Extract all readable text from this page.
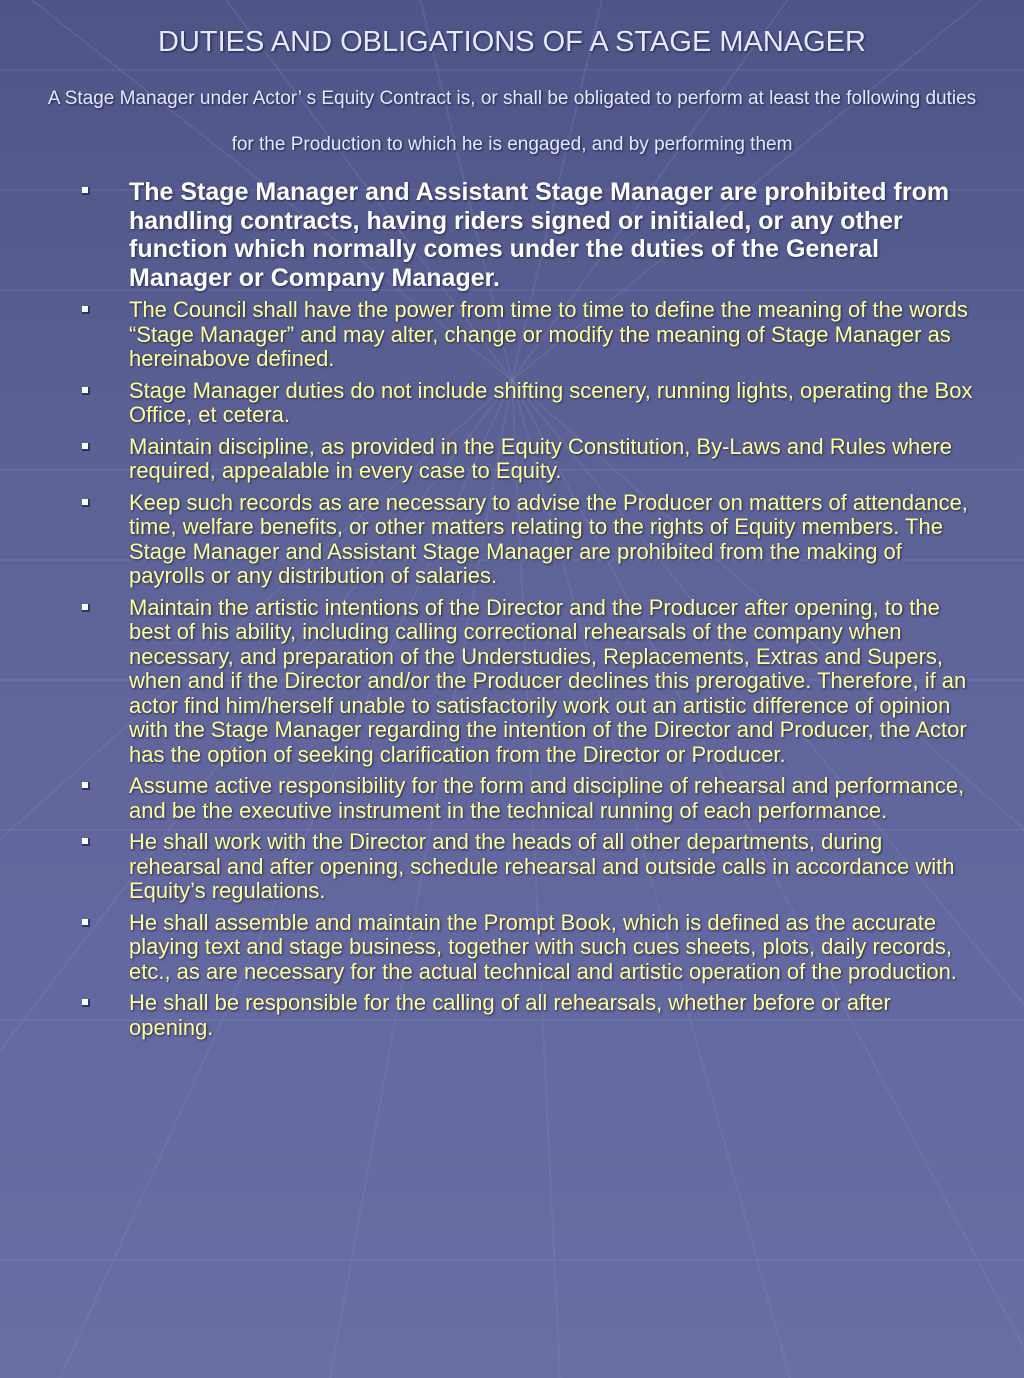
DUTIES AND OBLIGATIONS OF A STAGE MANAGER

A Stage Manager under Actor’ s Equity Contract is, or shall be obligated to perform at least the following duties for the Production to which he is engaged, and by performing them

The Stage Manager and Assistant Stage Manager are prohibited from handling contracts, having riders signed or initialed, or any other function which normally comes under the duties of the General Manager or Company Manager.
The Council shall have the power from time to time to define the meaning of the words “Stage Manager” and may alter, change or modify the meaning of Stage Manager as hereinabove defined.
Stage Manager duties do not include shifting scenery, running lights, operating the Box Office, et cetera.
Maintain discipline, as provided in the Equity Constitution, By-Laws and Rules where required, appealable in every case to Equity.
Keep such records as are necessary to advise the Producer on matters of attendance, time, welfare benefits, or other matters relating to the rights of Equity members. The Stage Manager and Assistant Stage Manager are prohibited from the making of payrolls or any distribution of salaries.
Maintain the artistic intentions of the Director and the Producer after opening, to the best of his ability, including calling correctional rehearsals of the company when necessary, and preparation of the Understudies, Replacements, Extras and Supers, when and if the Director and/or the Producer declines this prerogative. Therefore, if an actor find him/herself unable to satisfactorily work out an artistic difference of opinion with the Stage Manager regarding the intention of the Director and Producer, the Actor has the option of seeking clarification from the Director or Producer.
Assume active responsibility for the form and discipline of rehearsal and performance, and be the executive instrument in the technical running of each performance.
He shall work with the Director and the heads of all other departments, during rehearsal and after opening, schedule rehearsal and outside calls in accordance with Equity’s regulations.
He shall assemble and maintain the Prompt Book, which is defined as the accurate playing text and stage business, together with such cues sheets, plots, daily records, etc., as are necessary for the actual technical and artistic operation of the production.
He shall be responsible for the calling of all rehearsals, whether before or after opening.
